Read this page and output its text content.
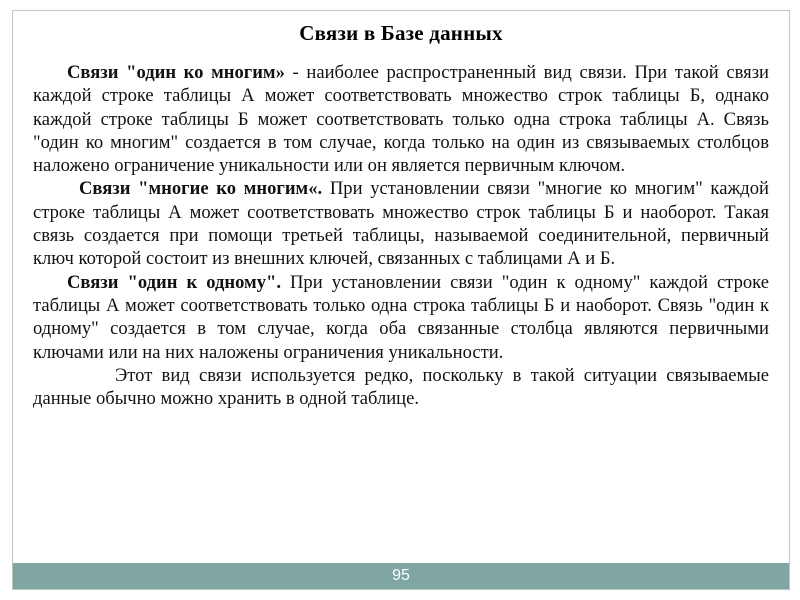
Связи в Базе данных

Связи "один ко многим» - наиболее распространенный вид связи. При такой связи каждой строке таблицы А может соответствовать множество строк таблицы Б, однако каждой строке таблицы Б может соответствовать только одна строка таблицы А. Связь "один ко многим" создается в том случае, когда только на один из связываемых столбцов наложено ограничение уникальности или он является первичным ключом.

Связи "многие ко многим«. При установлении связи "многие ко многим" каждой строке таблицы А может соответствовать множество строк таблицы Б и наоборот. Такая связь создается при помощи третьей таблицы, называемой соединительной, первичный ключ которой состоит из внешних ключей, связанных с таблицами А и Б.

Связи "один к одному". При установлении связи "один к одному" каждой строке таблицы А может соответствовать только одна строка таблицы Б и наоборот. Связь "один к одному" создается в том случае, когда оба связанные столбца являются первичными ключами или на них наложены ограничения уникальности.

Этот вид связи используется редко, поскольку в такой ситуации связываемые данные обычно можно хранить в одной таблице.

95
